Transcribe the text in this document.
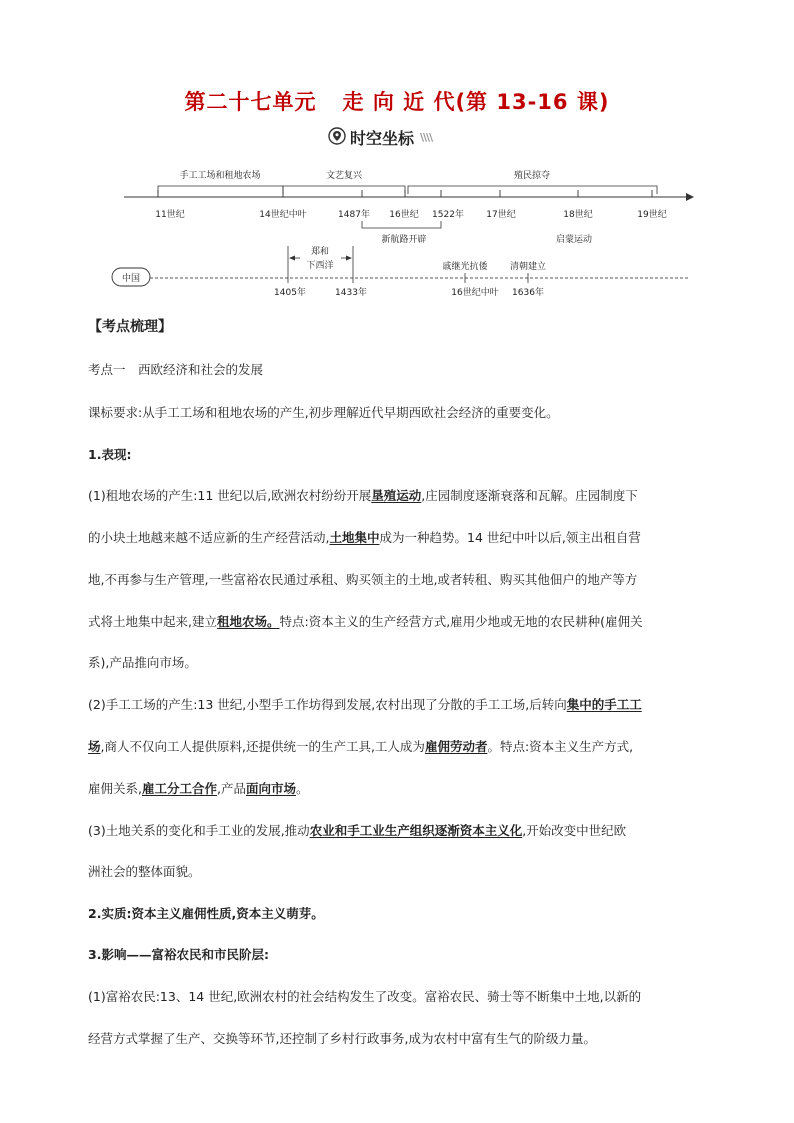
第二十七单元 走 向 近 代(第 13-16 课)
时空坐标 \\\\
手工工场和租地农场	文艺复兴	殖民掠夺
11世纪	14世纪中叶	1487年 16世纪 1522年 17世纪	18世纪	19世纪
新航路开辟	启蒙运动
中国
郑和
下西洋
1405年	1433年
戚继光抗倭 清朝建立
16世纪中叶 1636年
【考点梳理】
考点一　西欧经济和社会的发展
课标要求:从手工工场和租地农场的产生,初步理解近代早期西欧社会经济的重要变化。
1.表现:
(1)租地农场的产生:11 世纪以后,欧洲农村纷纷开展垦殖运动,庄园制度逐渐衰落和瓦解。庄园制度下
的小块土地越来越不适应新的生产经营活动,土地集中成为一种趋势。14 世纪中叶以后,领主出租自营
地,不再参与生产管理,一些富裕农民通过承租、购买领主的土地,或者转租、购买其他佃户的地产等方
式将土地集中起来,建立租地农场。特点:资本主义的生产经营方式,雇用少地或无地的农民耕种(雇佣关
系),产品推向市场。
(2)手工工场的产生:13 世纪,小型手工作坊得到发展,农村出现了分散的手工工场,后转向集中的手工工
场,商人不仅向工人提供原料,还提供统一的生产工具,工人成为雇佣劳动者。特点:资本主义生产方式,
雇佣关系,雇工分工合作,产品面向市场。
(3)土地关系的变化和手工业的发展,推动农业和手工业生产组织逐渐资本主义化,开始改变中世纪欧
洲社会的整体面貌。
2.实质:资本主义雇佣性质,资本主义萌芽。
3.影响——富裕农民和市民阶层:
(1)富裕农民:13、14 世纪,欧洲农村的社会结构发生了改变。富裕农民、骑士等不断集中土地,以新的
经营方式掌握了生产、交换等环节,还控制了乡村行政事务,成为农村中富有生气的阶级力量。
